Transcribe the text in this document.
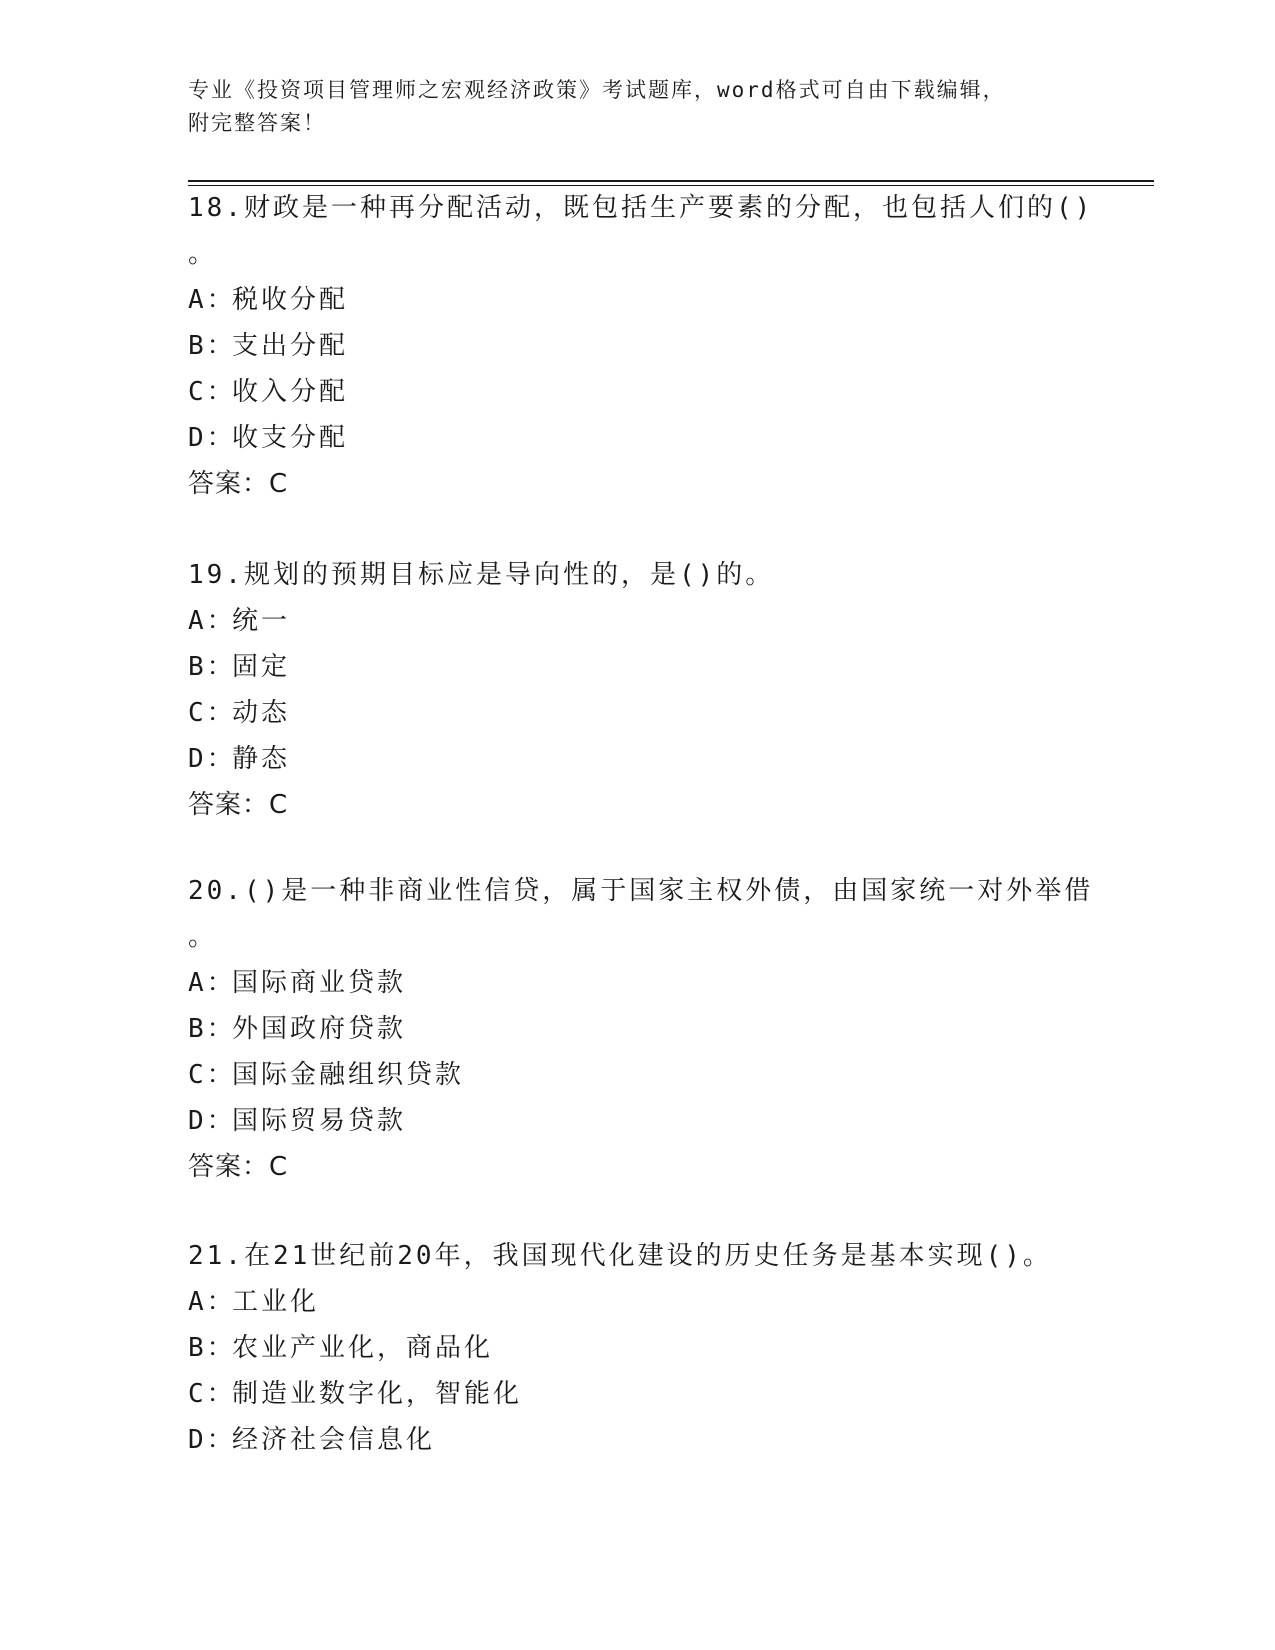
专业《投资项目管理师之宏观经济政策》考试题库，word格式可自由下载编辑，
附完整答案！
18.财政是一种再分配活动，既包括生产要素的分配，也包括人们的()
。
A：税收分配
B：支出分配
C：收入分配
D：收支分配
答案：C
19.规划的预期目标应是导向性的，是()的。
A：统一
B：固定
C：动态
D：静态
答案：C
20.()是一种非商业性信贷，属于国家主权外债，由国家统一对外举借
。
A：国际商业贷款
B：外国政府贷款
C：国际金融组织贷款
D：国际贸易贷款
答案：C
21.在21世纪前20年，我国现代化建设的历史任务是基本实现()。
A：工业化
B：农业产业化，商品化
C：制造业数字化，智能化
D：经济社会信息化
